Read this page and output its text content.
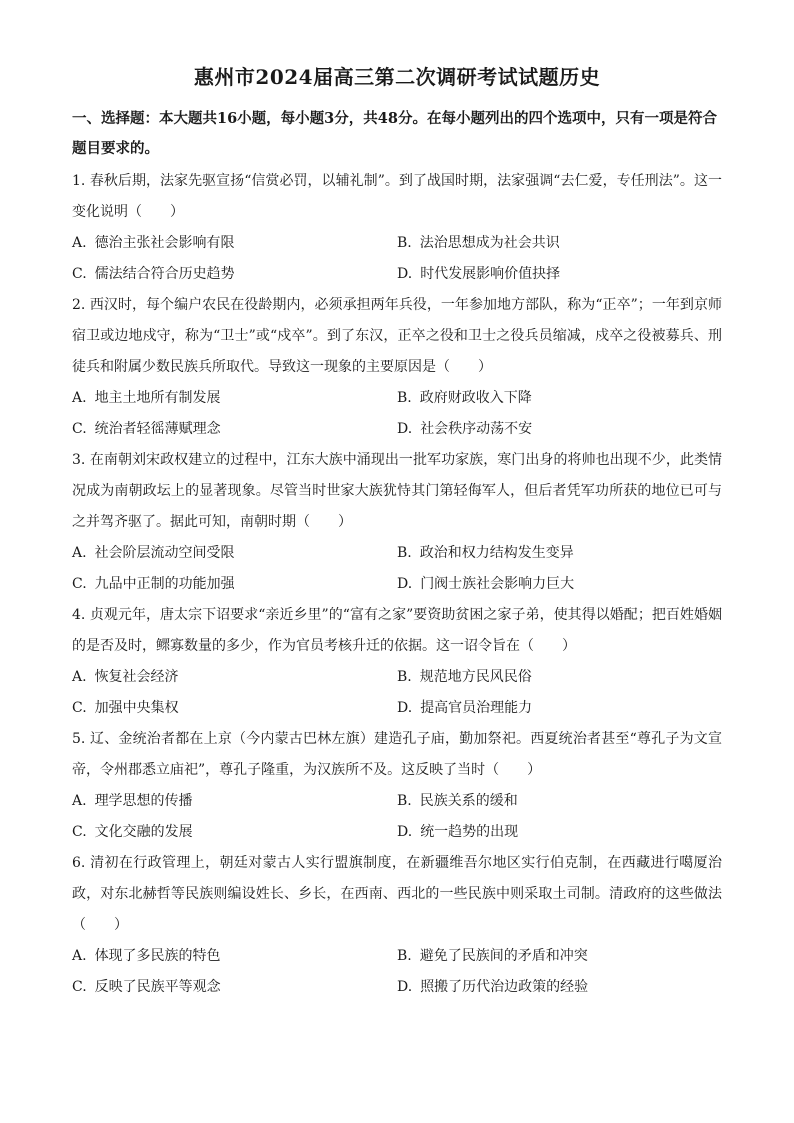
惠州市2024届高三第二次调研考试试题历史

一、选择题：本大题共16小题，每小题3分，共48分。在每小题列出的四个选项中，只有一项是符合题目要求的。

1. 春秋后期，法家先驱宣扬“信赏必罚，以辅礼制”。到了战国时期，法家强调“去仁爱，专任刑法”。这一变化说明（　　）

A. 德治主张社会影响有限	B. 法治思想成为社会共识
C. 儒法结合符合历史趋势	D. 时代发展影响价值抉择

2. 西汉时，每个编户农民在役龄期内，必须承担两年兵役，一年参加地方部队，称为“正卒”；一年到京师宿卫或边地戍守，称为“卫士”或“戍卒”。到了东汉，正卒之役和卫士之役兵员缩减，戍卒之役被募兵、刑徒兵和附属少数民族兵所取代。导致这一现象的主要原因是（　　）

A. 地主土地所有制发展	B. 政府财政收入下降
C. 统治者轻徭薄赋理念	D. 社会秩序动荡不安

3. 在南朝刘宋政权建立的过程中，江东大族中涌现出一批军功家族，寒门出身的将帅也出现不少，此类情况成为南朝政坛上的显著现象。尽管当时世家大族犹恃其门第轻侮军人，但后者凭军功所获的地位已可与之并驾齐驱了。据此可知，南朝时期（　　）

A. 社会阶层流动空间受限	B. 政治和权力结构发生变异
C. 九品中正制的功能加强	D. 门阀士族社会影响力巨大

4. 贞观元年，唐太宗下诏要求“亲近乡里”的“富有之家”要资助贫困之家子弟，使其得以婚配；把百姓婚姻的是否及时，鳏寡数量的多少，作为官员考核升迁的依据。这一诏令旨在（　　）

A. 恢复社会经济	B. 规范地方民风民俗
C. 加强中央集权	D. 提高官员治理能力

5. 辽、金统治者都在上京（今内蒙古巴林左旗）建造孔子庙，勤加祭祀。西夏统治者甚至“尊孔子为文宣帝，令州郡悉立庙祀”，尊孔子隆重，为汉族所不及。这反映了当时（　　）

A. 理学思想的传播	B. 民族关系的缓和
C. 文化交融的发展	D. 统一趋势的出现

6. 清初在行政管理上，朝廷对蒙古人实行盟旗制度，在新疆维吾尔地区实行伯克制，在西藏进行噶厦治政，对东北赫哲等民族则编设姓长、乡长，在西南、西北的一些民族中则采取土司制。清政府的这些做法（　　）

A. 体现了多民族的特色	B. 避免了民族间的矛盾和冲突
C. 反映了民族平等观念	D. 照搬了历代治边政策的经验
